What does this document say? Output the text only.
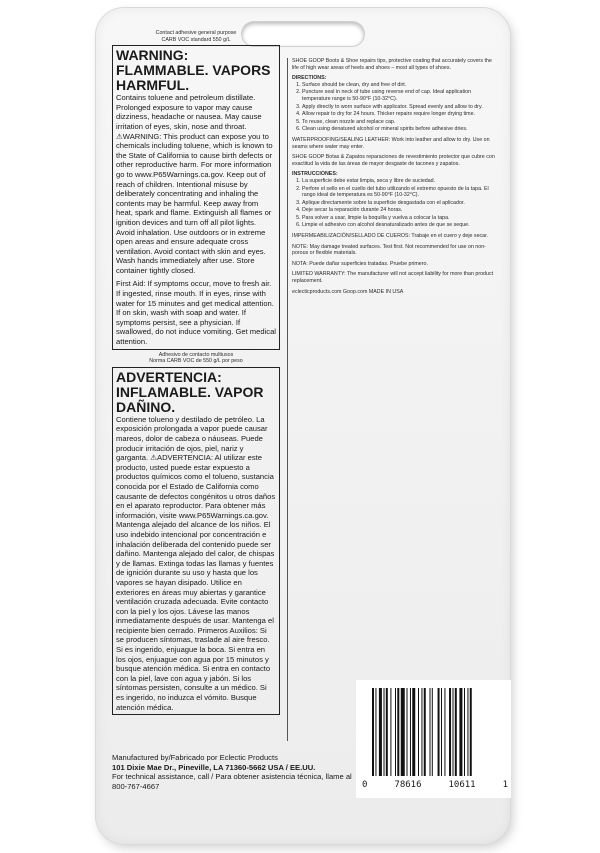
Contact adhesive general purpose
CARB VOC standard 550 g/L
WARNING: FLAMMABLE. VAPORS HARMFUL.
Contains toluene and petroleum distillate. Prolonged exposure to vapor may cause dizziness, headache or nausea. May cause irritation of eyes, skin, nose and throat. ⚠WARNING: This product can expose you to chemicals including toluene, which is known to the State of California to cause birth defects or other reproductive harm. For more information go to www.P65Warnings.ca.gov. Keep out of reach of children. Intentional misuse by deliberately concentrating and inhaling the contents may be harmful. Keep away from heat, spark and flame. Extinguish all flames or ignition devices and turn off all pilot lights. Avoid inhalation. Use outdoors or in extreme open areas and ensure adequate cross ventilation. Avoid contact with skin and eyes. Wash hands immediately after use. Store container tightly closed.
First Aid: If symptoms occur, move to fresh air. If ingested, rinse mouth. If in eyes, rinse with water for 15 minutes and get medical attention. If on skin, wash with soap and water. If symptoms persist, see a physician. If swallowed, do not induce vomiting. Get medical attention.
Adhesivo de contacto multiusos
Norma CARB VOC de 550 g/L por peso
ADVERTENCIA: INFLAMABLE. VAPOR DAÑINO.
Contiene tolueno y destilado de petróleo. La exposición prolongada a vapor puede causar mareos, dolor de cabeza o náuseas. Puede producir irritación de ojos, piel, nariz y garganta. ⚠ADVERTENCIA: Al utilizar este producto, usted puede estar expuesto a productos químicos como el tolueno, sustancia conocida por el Estado de California como causante de defectos congénitos u otros daños en el aparato reproductor. Para obtener más información, visite www.P65Warnings.ca.gov. Mantenga alejado del alcance de los niños. El uso indebido intencional por concentración e inhalación deliberada del contenido puede ser dañino. Mantenga alejado del calor, de chispas y de llamas. Extinga todas las llamas y fuentes de ignición durante su uso y hasta que los vapores se hayan disipado. Utilice en exteriores en áreas muy abiertas y garantice ventilación cruzada adecuada. Evite contacto con la piel y los ojos. Lávese las manos inmediatamente después de usar. Mantenga el recipiente bien cerrado. Primeros Auxilios: Si se producen síntomas, traslade al aire fresco. Si es ingerido, enjuague la boca. Si entra en los ojos, enjuague con agua por 15 minutos y busque atención médica. Si entra en contacto con la piel, lave con agua y jabón. Si los síntomas persisten, consulte a un médico. Si es ingerido, no induzca el vómito. Busque atención médica.
SHOE GOOP Boots & Shoe repairs tips, protective coating that accurately covers the life of high wear areas of heels and shoes – most all types of shoes.
DIRECTIONS:
1. Surface should be clean, dry and free of dirt.
2. Puncture seal in neck of tube using reverse end of cap. Ideal application temperature range is 50-90°F (10-32°C).
3. Apply directly to worn surface with applicator. Spread evenly and allow to dry.
4. Allow repair to dry for 24 hours. Thicker repairs require longer drying time.
5. To reuse, clean nozzle and replace cap.
6. Clean using denatured alcohol or mineral spirits before adhesive dries.
WATERPROOFING/SEALING LEATHER: Work into leather and allow to dry. Use on seams where water may enter.
SHOE GOOP Botas & Zapatos reparaciones de revestimiento protector que cubre con exactitud la vida de las áreas de mayor desgaste de tacones y zapatos.
INSTRUCCIONES:
1. La superficie debe estar limpia, seca y libre de suciedad.
2. Perfore el sello en el cuello del tubo utilizando el extremo opuesto de la tapa. El rango ideal de temperatura es 50-90°F (10-32°C).
3. Aplique directamente sobre la superficie desgastada con el aplicador.
4. Deje secar la reparación durante 24 horas.
5. Para volver a usar, limpie la boquilla y vuelva a colocar la tapa.
6. Limpie el adhesivo con alcohol desnaturalizado antes de que se seque.
IMPERMEABILIZACIÓN/SELLADO DE CUEROS: Trabaje en el cuero y deje secar.
NOTE: May damage treated surfaces. Test first. Not recommended for use on non-porous or flexible materials.
NOTA: Puede dañar superficies tratadas. Pruebe primero.
LIMITED WARRANTY: The manufacturer will not accept liability for more than product replacement.
eclecticproducts.com Goop.com MADE IN USA
Manufactured by/Fabricado por Eclectic Products
101 Dixie Mae Dr., Pineville, LA 71360-5662 USA / EE.UU.
For technical assistance, call / Para obtener asistencia técnica, llame al 800-767-4667	0	78616	10611	1
